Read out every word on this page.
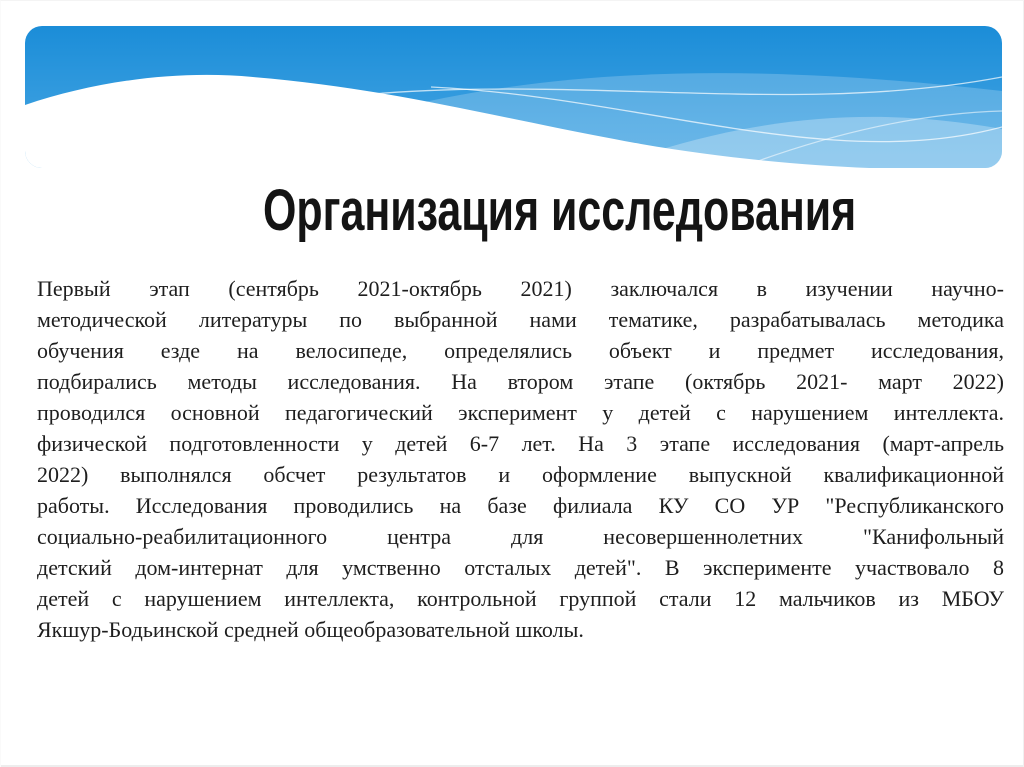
Организация исследования
Первый этап (сентябрь 2021-октябрь 2021) заключался в изучении научно-
методической литературы по выбранной нами тематике, разрабатывалась методика
обучения езде на велосипеде, определялись объект и предмет исследования,
подбирались методы исследования. На втором этапе (октябрь 2021- март 2022)
проводился основной педагогический эксперимент у детей с нарушением интеллекта.
физической подготовленности у детей 6-7 лет. На 3 этапе исследования (март-апрель
2022) выполнялся обсчет результатов и оформление выпускной квалификационной
работы. Исследования проводились на базе филиала КУ СО УР "Республиканского
социально-реабилитационного центра для несовершеннолетних "Канифольный
детский дом-интернат для умственно отсталых детей". В эксперименте участвовало 8
детей с нарушением интеллекта, контрольной группой стали 12 мальчиков из МБОУ
Якшур-Бодьинской средней общеобразовательной школы.
